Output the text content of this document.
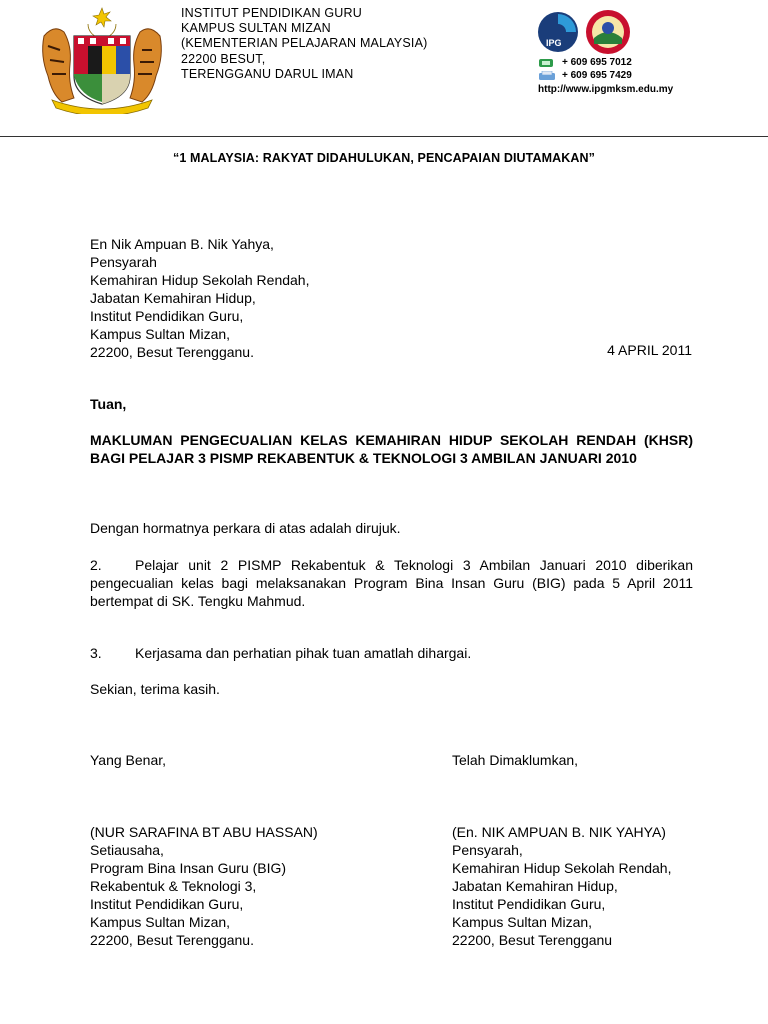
INSTITUT PENDIDIKAN GURU
KAMPUS SULTAN MIZAN
(KEMENTERIAN PELAJARAN MALAYSIA)
22200 BESUT,
TERENGGANU DARUL IMAN
IPG
+ 609 695 7012
+ 609 695 7429
http://www.ipgmksm.edu.my
“1 MALAYSIA: RAKYAT DIDAHULUKAN, PENCAPAIAN DIUTAMAKAN”
En Nik Ampuan B. Nik Yahya,
Pensyarah
Kemahiran Hidup Sekolah Rendah,
Jabatan Kemahiran Hidup,
Institut Pendidikan Guru,
Kampus Sultan Mizan,
22200, Besut Terengganu.	4 APRIL 2011
Tuan,
MAKLUMAN PENGECUALIAN KELAS KEMAHIRAN HIDUP SEKOLAH RENDAH (KHSR) BAGI PELAJAR 3 PISMP REKABENTUK & TEKNOLOGI 3 AMBILAN JANUARI 2010
Dengan hormatnya perkara di atas adalah dirujuk.
2. Pelajar unit 2 PISMP Rekabentuk & Teknologi 3 Ambilan Januari 2010 diberikan pengecualian kelas bagi melaksanakan Program Bina Insan Guru (BIG) pada 5 April 2011 bertempat di SK. Tengku Mahmud.
3. Kerjasama dan perhatian pihak tuan amatlah dihargai.
Sekian, terima kasih.
Yang Benar,	Telah Dimaklumkan,
(NUR SARAFINA BT ABU HASSAN)
Setiausaha,
Program Bina Insan Guru (BIG)
Rekabentuk & Teknologi 3,
Institut Pendidikan Guru,
Kampus Sultan Mizan,
22200, Besut Terengganu.
(En. NIK AMPUAN B. NIK YAHYA)
Pensyarah,
Kemahiran Hidup Sekolah Rendah,
Jabatan Kemahiran Hidup,
Institut Pendidikan Guru,
Kampus Sultan Mizan,
22200, Besut Terengganu
